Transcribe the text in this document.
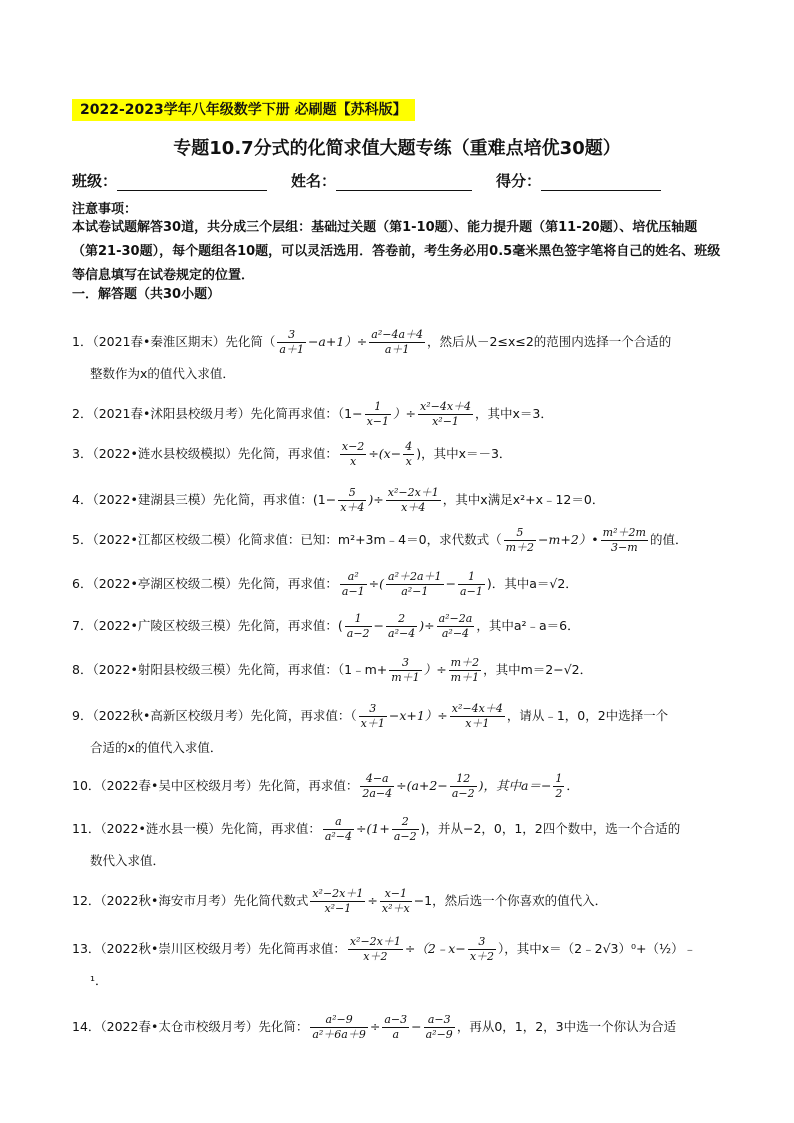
2022-2023学年八年级数学下册 必刷题【苏科版】
专题10.7分式的化简求值大题专练（重难点培优30题）
班级：	姓名：	得分：
注意事项：
本试卷试题解答30道，共分成三个层组：基础过关题（第1-10题）、能力提升题（第11-20题）、培优压轴题（第21-30题），每个题组各10题，可以灵活选用．答卷前，考生务必用0.5毫米黑色签字笔将自己的姓名、班级等信息填写在试卷规定的位置．
一．解答题（共30小题）
1．（2021春•秦淮区期末）先化简（ $\frac{3}{a+1} -a+1)\div \frac{\text{a²−4a＋4}}{a+1}$ ，然后从－2≤x≤2的范围内选择一个合适的
整数作为x的值代入求值．
2．（2021春•沭阳县校级月考）先化简再求值：（$1- \frac{1}{x-1}$ ）÷ $\frac{\text{x²−4x＋4}}{\text{x²−1}}$ ，其中x＝3．
3．（2022•涟水县校级模拟）先化简，再求值： $\frac{x-2}{x} \div(x- \frac{4}{x}$ )，其中x＝－3．
4．（2022•建湖县三模）先化简，再求值：($1- \frac{5}{x+4}$ )÷ $\frac{\text{x²−2x＋1}}{x+4}$ ，其中x满足x²+x﹣12＝0．
5．（2022•江都区校级二模）化简求值：已知：m²+3m﹣4＝0，求代数式（ $\frac{5}{m+2}$ −m+2）• $\frac{\text{m²＋2m}}{3-m}$ 的值．
6．（2022•亭湖区校级二模）先化简，再求值： $\frac{\text{a²}}{a-1}$ ÷( $\frac{\text{a²＋2a＋1}}{\text{a²−1}} - \frac{1}{a-1}$ )．其中a＝√2．
7．（2022•广陵区校级三模）先化简，再求值：( $\frac{1}{a-2} - \frac{2}{\text{a²−4}}$ )÷ $\frac{\text{a²−2a}}{\text{a²−4}}$ ，其中a²﹣a＝6．
8．（2022•射阳县校级三模）先化简，再求值：（1﹣m+ $\frac{3}{m+1}$ ）÷ $\frac{m+2}{m+1}$ ，其中m＝2−√2．
9．（2022秋•高新区校级月考）先化简，再求值：（ $\frac{3}{x+1} -x+1)\div \frac{\text{x²−4x＋4}}{x+1}$ ，请从﹣1，0，2中选择一个
合适的x的值代入求值．
10．（2022春•吴中区校级月考）先化简，再求值： $\frac{4-a}{2a-4} \div(a+2- \frac{12}{a-2}$ )，其中$a=- \frac{1}{2}$ ．
11．（2022•涟水县一模）先化简，再求值： $\frac{a}{\text{a²−4}} \div(1+ \frac{2}{a-2}$ )，并从−2，0，1，2四个数中，选一个合适的
数代入求值．
12．（2022秋•海安市月考）先化简代数式 $\frac{\text{x²−2x＋1}}{\text{x²−1}} \div \frac{x-1}{\text{x²＋x}} -1$，然后选一个你喜欢的值代入．
13．（2022秋•崇川区校级月考）先化简再求值： $\frac{\text{x²−2x＋1}}{x+2}$ ÷（2﹣x− $\frac{3}{x+2}$ ），其中x＝（2﹣2√3）⁰+（½）﹣
¹．
14．（2022春•太仓市校级月考）先化简： $\frac{\text{a²−9}}{\text{a²＋6a＋9}} \div \frac{a-3}{a} - \frac{a-3}{\text{a²−9}}$ ，再从0，1，2，3中选一个你认为合适
